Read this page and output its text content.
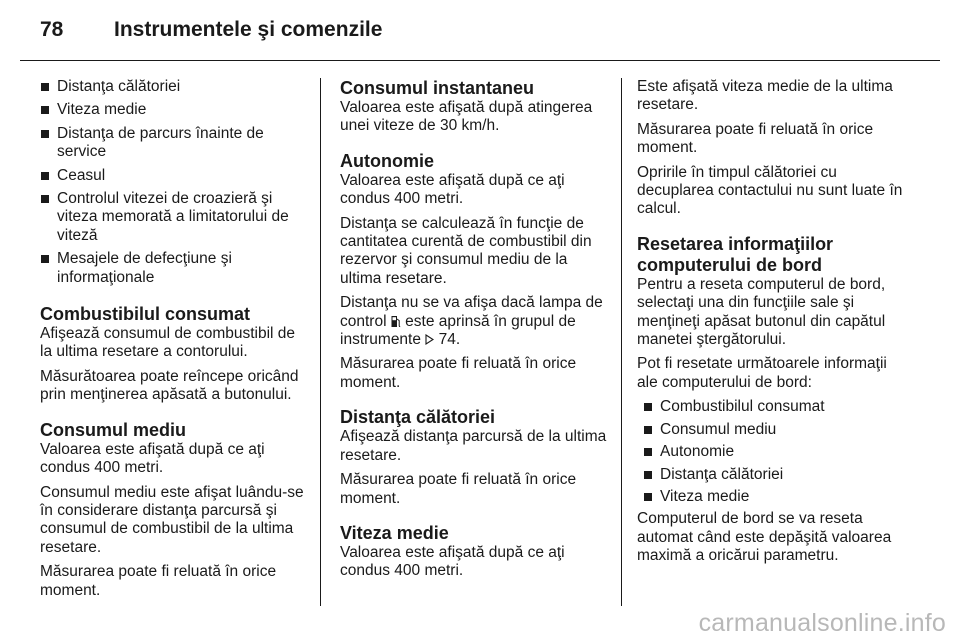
78	Instrumentele şi comenzile
Distanţa călătoriei
Viteza medie
Distanţa de parcurs înainte de service
Ceasul
Controlul vitezei de croazieră şi viteza memorată a limitatorului de viteză
Mesajele de defecţiune şi informaţionale
Combustibilul consumat

Afişează consumul de combustibil de la ultima resetare a contorului.

Măsurătoarea poate reîncepe oricând prin menţinerea apăsată a butonului.

Consumul mediu

Valoarea este afişată după ce aţi condus 400 metri.

Consumul mediu este afişat luându-se în considerare distanţa parcursă şi consumul de combustibil de la ultima resetare.

Măsurarea poate fi reluată în orice moment.

Consumul instantaneu

Valoarea este afişată după atingerea unei viteze de 30 km/h.

Autonomie

Valoarea este afişată după ce aţi condus 400 metri.

Distanţa se calculează în funcţie de cantitatea curentă de combustibil din rezervor şi consumul mediu de la ultima resetare.

Distanţa nu se va afişa dacă lampa de control este aprinsă în grupul de instrumente 74.

Măsurarea poate fi reluată în orice moment.

Distanţa călătoriei

Afişează distanţa parcursă de la ultima resetare.

Măsurarea poate fi reluată în orice moment.

Viteza medie

Valoarea este afişată după ce aţi condus 400 metri.

Este afişată viteza medie de la ultima resetare.

Măsurarea poate fi reluată în orice moment.

Opririle în timpul călătoriei cu decuplarea contactului nu sunt luate în calcul.

Resetarea informaţiilor computerului de bord

Pentru a reseta computerul de bord, selectaţi una din funcţiile sale şi menţineţi apăsat butonul din capătul manetei ştergătorului.

Pot fi resetate următoarele informaţii ale computerului de bord:

Combustibilul consumat
Consumul mediu
Autonomie
Distanţa călătoriei
Viteza medie

Computerul de bord se va reseta automat când este depăşită valoarea maximă a oricărui parametru.

carmanualsonline.info
